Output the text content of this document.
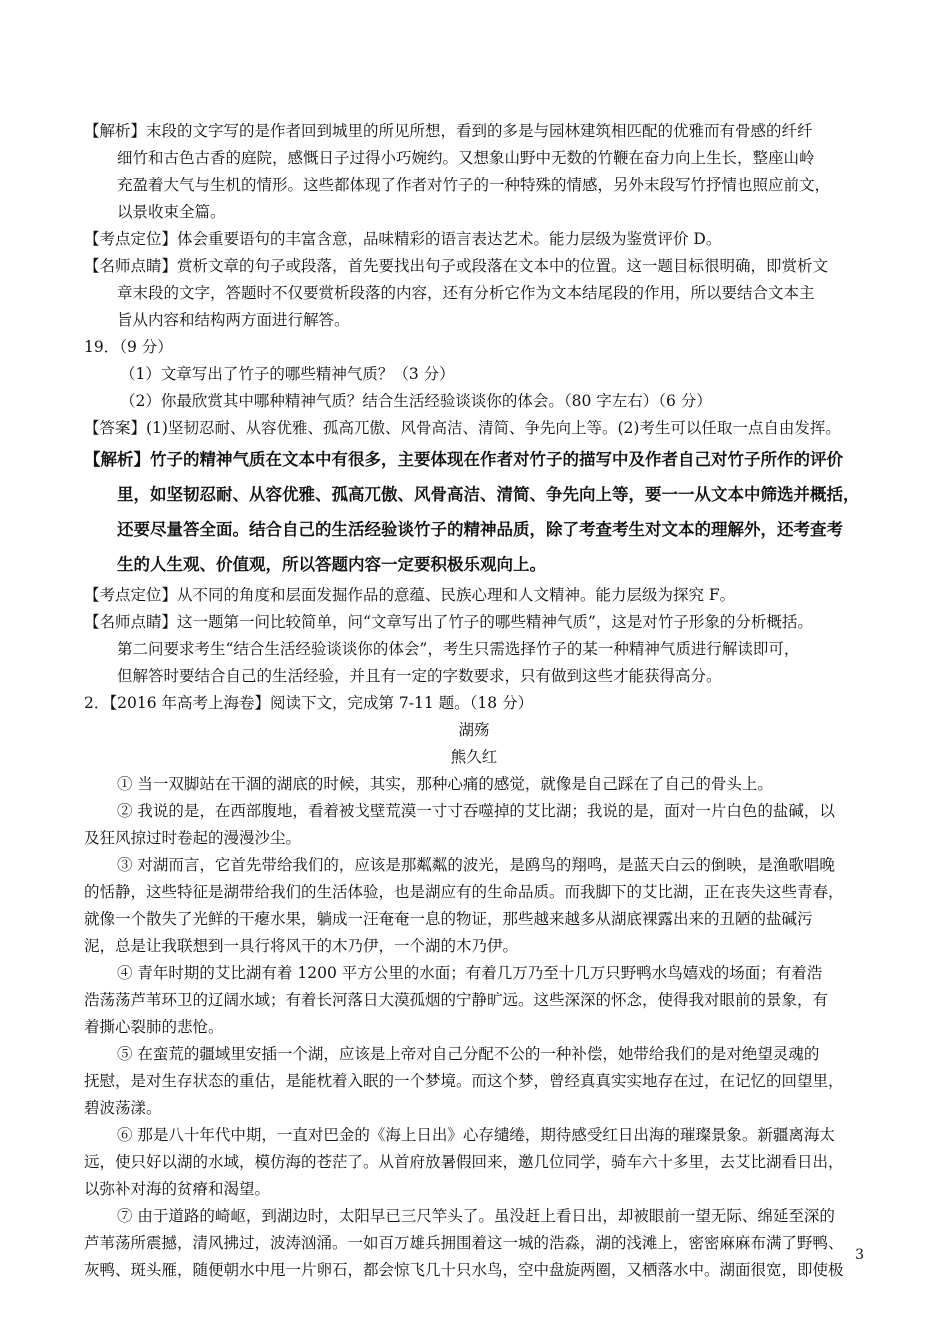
【解析】末段的文字写的是作者回到城里的所见所想，看到的多是与园林建筑相匹配的优雅而有骨感的纤纤

细竹和古色古香的庭院，感慨日子过得小巧婉约。又想象山野中无数的竹鞭在奋力向上生长，整座山岭

充盈着大气与生机的情形。这些都体现了作者对竹子的一种特殊的情感，另外末段写竹抒情也照应前文，

以景收束全篇。

【考点定位】体会重要语句的丰富含意，品味精彩的语言表达艺术。能力层级为鉴赏评价 D。

【名师点睛】赏析文章的句子或段落，首先要找出句子或段落在文本中的位置。这一题目标很明确，即赏析文

章末段的文字，答题时不仅要赏析段落的内容，还有分析它作为文本结尾段的作用，所以要结合文本主

旨从内容和结构两方面进行解答。

19．（9 分）

（1）文章写出了竹子的哪些精神气质？（3 分）

（2）你最欣赏其中哪种精神气质？结合生活经验谈谈你的体会。（80 字左右）（6 分）

【答案】(1)坚韧忍耐、从容优雅、孤高兀傲、风骨高洁、清简、争先向上等。(2)考生可以任取一点自由发挥。

【解析】竹子的精神气质在文本中有很多，主要体现在作者对竹子的描写中及作者自己对竹子所作的评价

里，如坚韧忍耐、从容优雅、孤高兀傲、风骨高洁、清简、争先向上等，要一一从文本中筛选并概括，

还要尽量答全面。结合自己的生活经验谈竹子的精神品质，除了考查考生对文本的理解外，还考查考

生的人生观、价值观，所以答题内容一定要积极乐观向上。

【考点定位】从不同的角度和层面发掘作品的意蕴、民族心理和人文精神。能力层级为探究 F。

【名师点睛】这一题第一问比较简单，问“文章写出了竹子的哪些精神气质”，这是对竹子形象的分析概括。

第二问要求考生“结合生活经验谈谈你的体会”，考生只需选择竹子的某一种精神气质进行解读即可，

但解答时要结合自己的生活经验，并且有一定的字数要求，只有做到这些才能获得高分。

2．【2016 年高考上海卷】阅读下文，完成第 7-11 题。（18 分）

湖殇

熊久红

① 当一双脚站在干涸的湖底的时候，其实，那种心痛的感觉，就像是自己踩在了自己的骨头上。

② 我说的是，在西部腹地，看着被戈壁荒漠一寸寸吞噬掉的艾比湖；我说的是，面对一片白色的盐碱，以

及狂风掠过时卷起的漫漫沙尘。

③ 对湖而言，它首先带给我们的，应该是那粼粼的波光，是鸥鸟的翔鸣，是蓝天白云的倒映，是渔歌唱晚

的恬静，这些特征是湖带给我们的生活体验，也是湖应有的生命品质。而我脚下的艾比湖，正在丧失这些青春，

就像一个散失了光鲜的干瘪水果，躺成一汪奄奄一息的物证，那些越来越多从湖底裸露出来的丑陋的盐碱污

泥，总是让我联想到一具行将风干的木乃伊，一个湖的木乃伊。

④ 青年时期的艾比湖有着 1200 平方公里的水面；有着几万乃至十几万只野鸭水鸟嬉戏的场面；有着浩

浩荡荡芦苇环卫的辽阔水域；有着长河落日大漠孤烟的宁静旷远。这些深深的怀念，使得我对眼前的景象，有

着撕心裂肺的悲怆。

⑤ 在蛮荒的疆域里安插一个湖，应该是上帝对自己分配不公的一种补偿，她带给我们的是对绝望灵魂的

抚慰，是对生存状态的重估，是能枕着入眠的一个梦境。而这个梦，曾经真真实实地存在过，在记忆的回望里，

碧波荡漾。

⑥ 那是八十年代中期，一直对巴金的《海上日出》心存缱绻，期待感受红日出海的璀璨景象。新疆离海太

远，使只好以湖的水域，模仿海的苍茫了。从首府放暑假回来，邀几位同学，骑车六十多里，去艾比湖看日出，

以弥补对海的贫瘠和渴望。

⑦ 由于道路的崎岖，到湖边时，太阳早已三尺竿头了。虽没赶上看日出，却被眼前一望无际、绵延至深的

芦苇荡所震撼，清风拂过，波涛汹涌。一如百万雄兵拥围着这一城的浩淼，湖的浅滩上，密密麻麻布满了野鸭、

灰鸭、斑头雁，随便朝水中甩一片卵石，都会惊飞几十只水鸟，空中盘旋两圈，又栖落水中。湖面很宽，即使极

3
